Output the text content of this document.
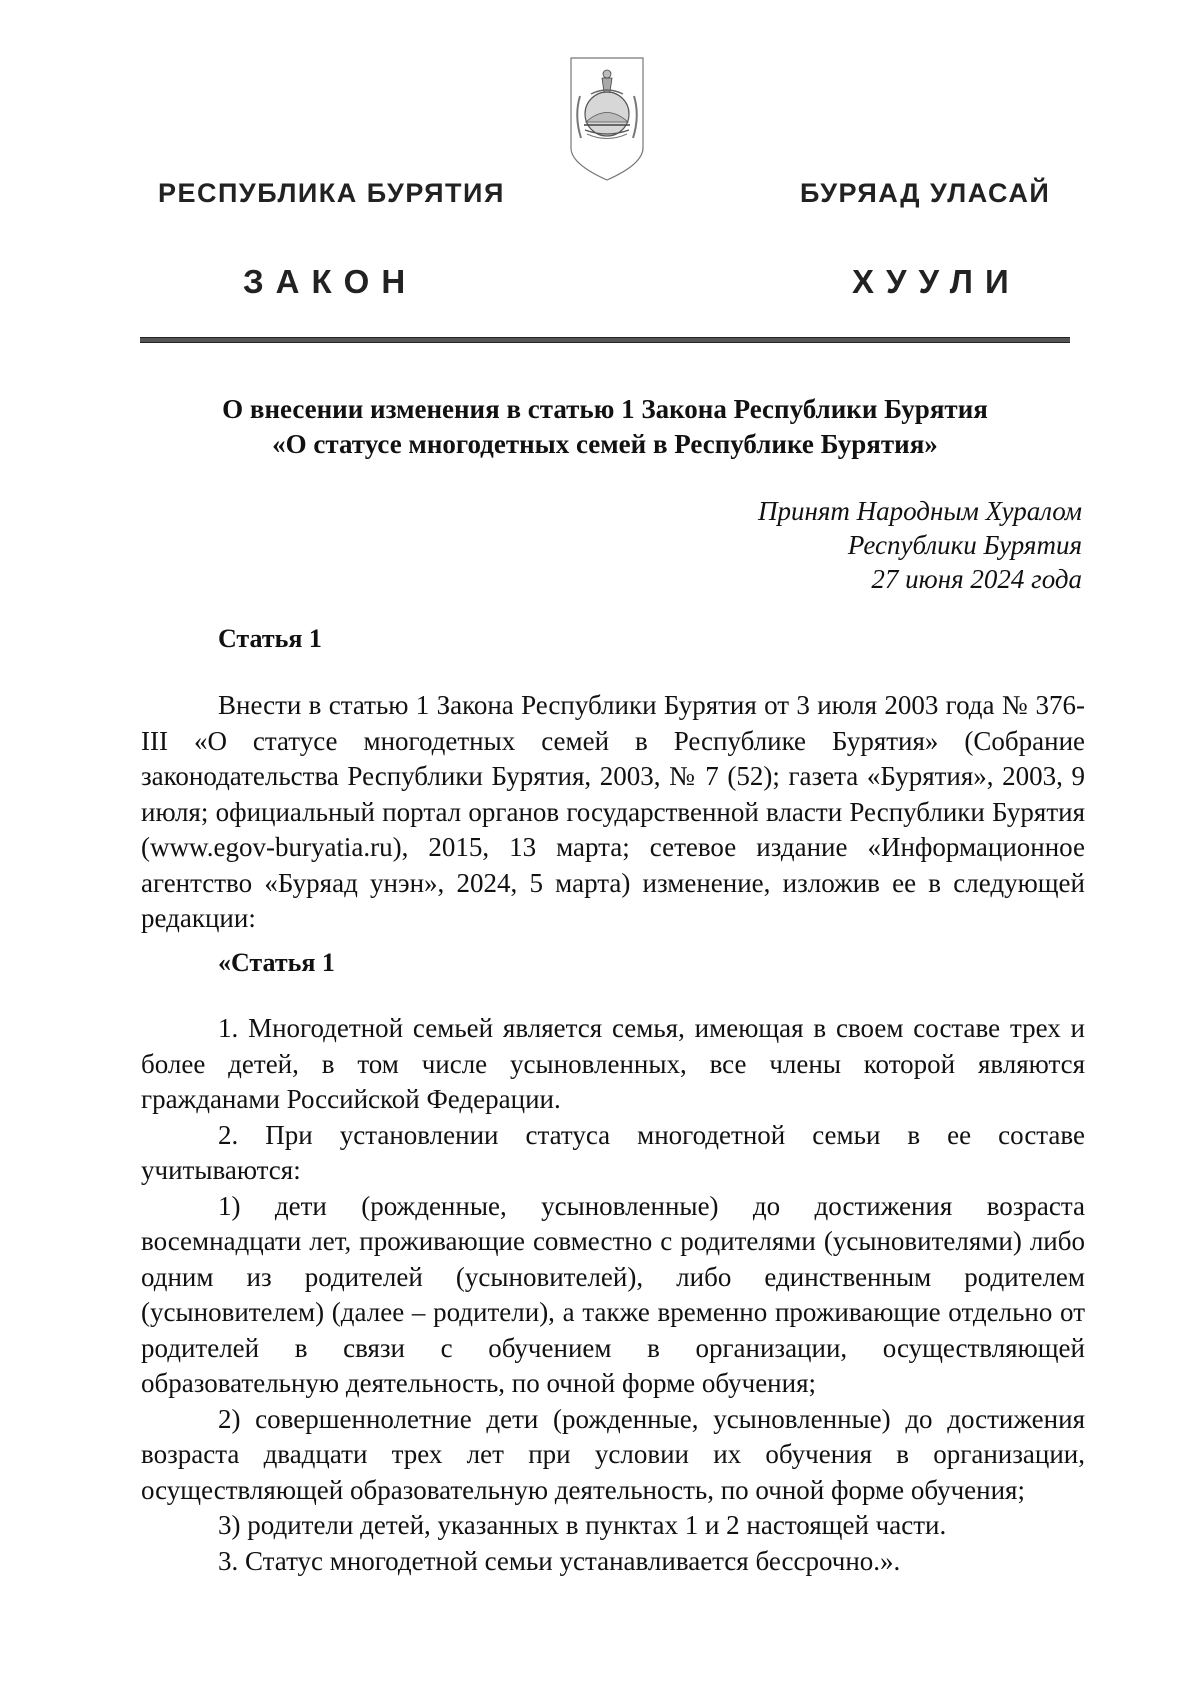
РЕСПУБЛИКА БУРЯТИЯ	БУРЯАД УЛАСАЙ
ЗАКОН	ХУУЛИ
О внесении изменения в статью 1 Закона Республики Бурятия
«О статусе многодетных семей в Республике Бурятия»
Принят Народным Хуралом
Республики Бурятия
27 июня 2024 года
Статья 1

Внести в статью 1 Закона Республики Бурятия от 3 июля 2003 года № 376-III «О статусе многодетных семей в Республике Бурятия» (Собрание законодательства Республики Бурятия, 2003, № 7 (52); газета «Бурятия», 2003, 9 июля; официальный портал органов государственной власти Республики Бурятия (www.egov-buryatia.ru), 2015, 13 марта; сетевое издание «Информационное агентство «Буряад унэн», 2024, 5 марта) изменение, изложив ее в следующей редакции:

«Статья 1

1. Многодетной семьей является семья, имеющая в своем составе трех и более детей, в том числе усыновленных, все члены которой являются гражданами Российской Федерации.

2. При установлении статуса многодетной семьи в ее составе учитываются:

1) дети (рожденные, усыновленные) до достижения возраста восемнадцати лет, проживающие совместно с родителями (усыновителями) либо одним из родителей (усыновителей), либо единственным родителем (усыновителем) (далее – родители), а также временно проживающие отдельно от родителей в связи с обучением в организации, осуществляющей образовательную деятельность, по очной форме обучения;

2) совершеннолетние дети (рожденные, усыновленные) до достижения возраста двадцати трех лет при условии их обучения в организации, осуществляющей образовательную деятельность, по очной форме обучения;

3) родители детей, указанных в пунктах 1 и 2 настоящей части.

3. Статус многодетной семьи устанавливается бессрочно.».
